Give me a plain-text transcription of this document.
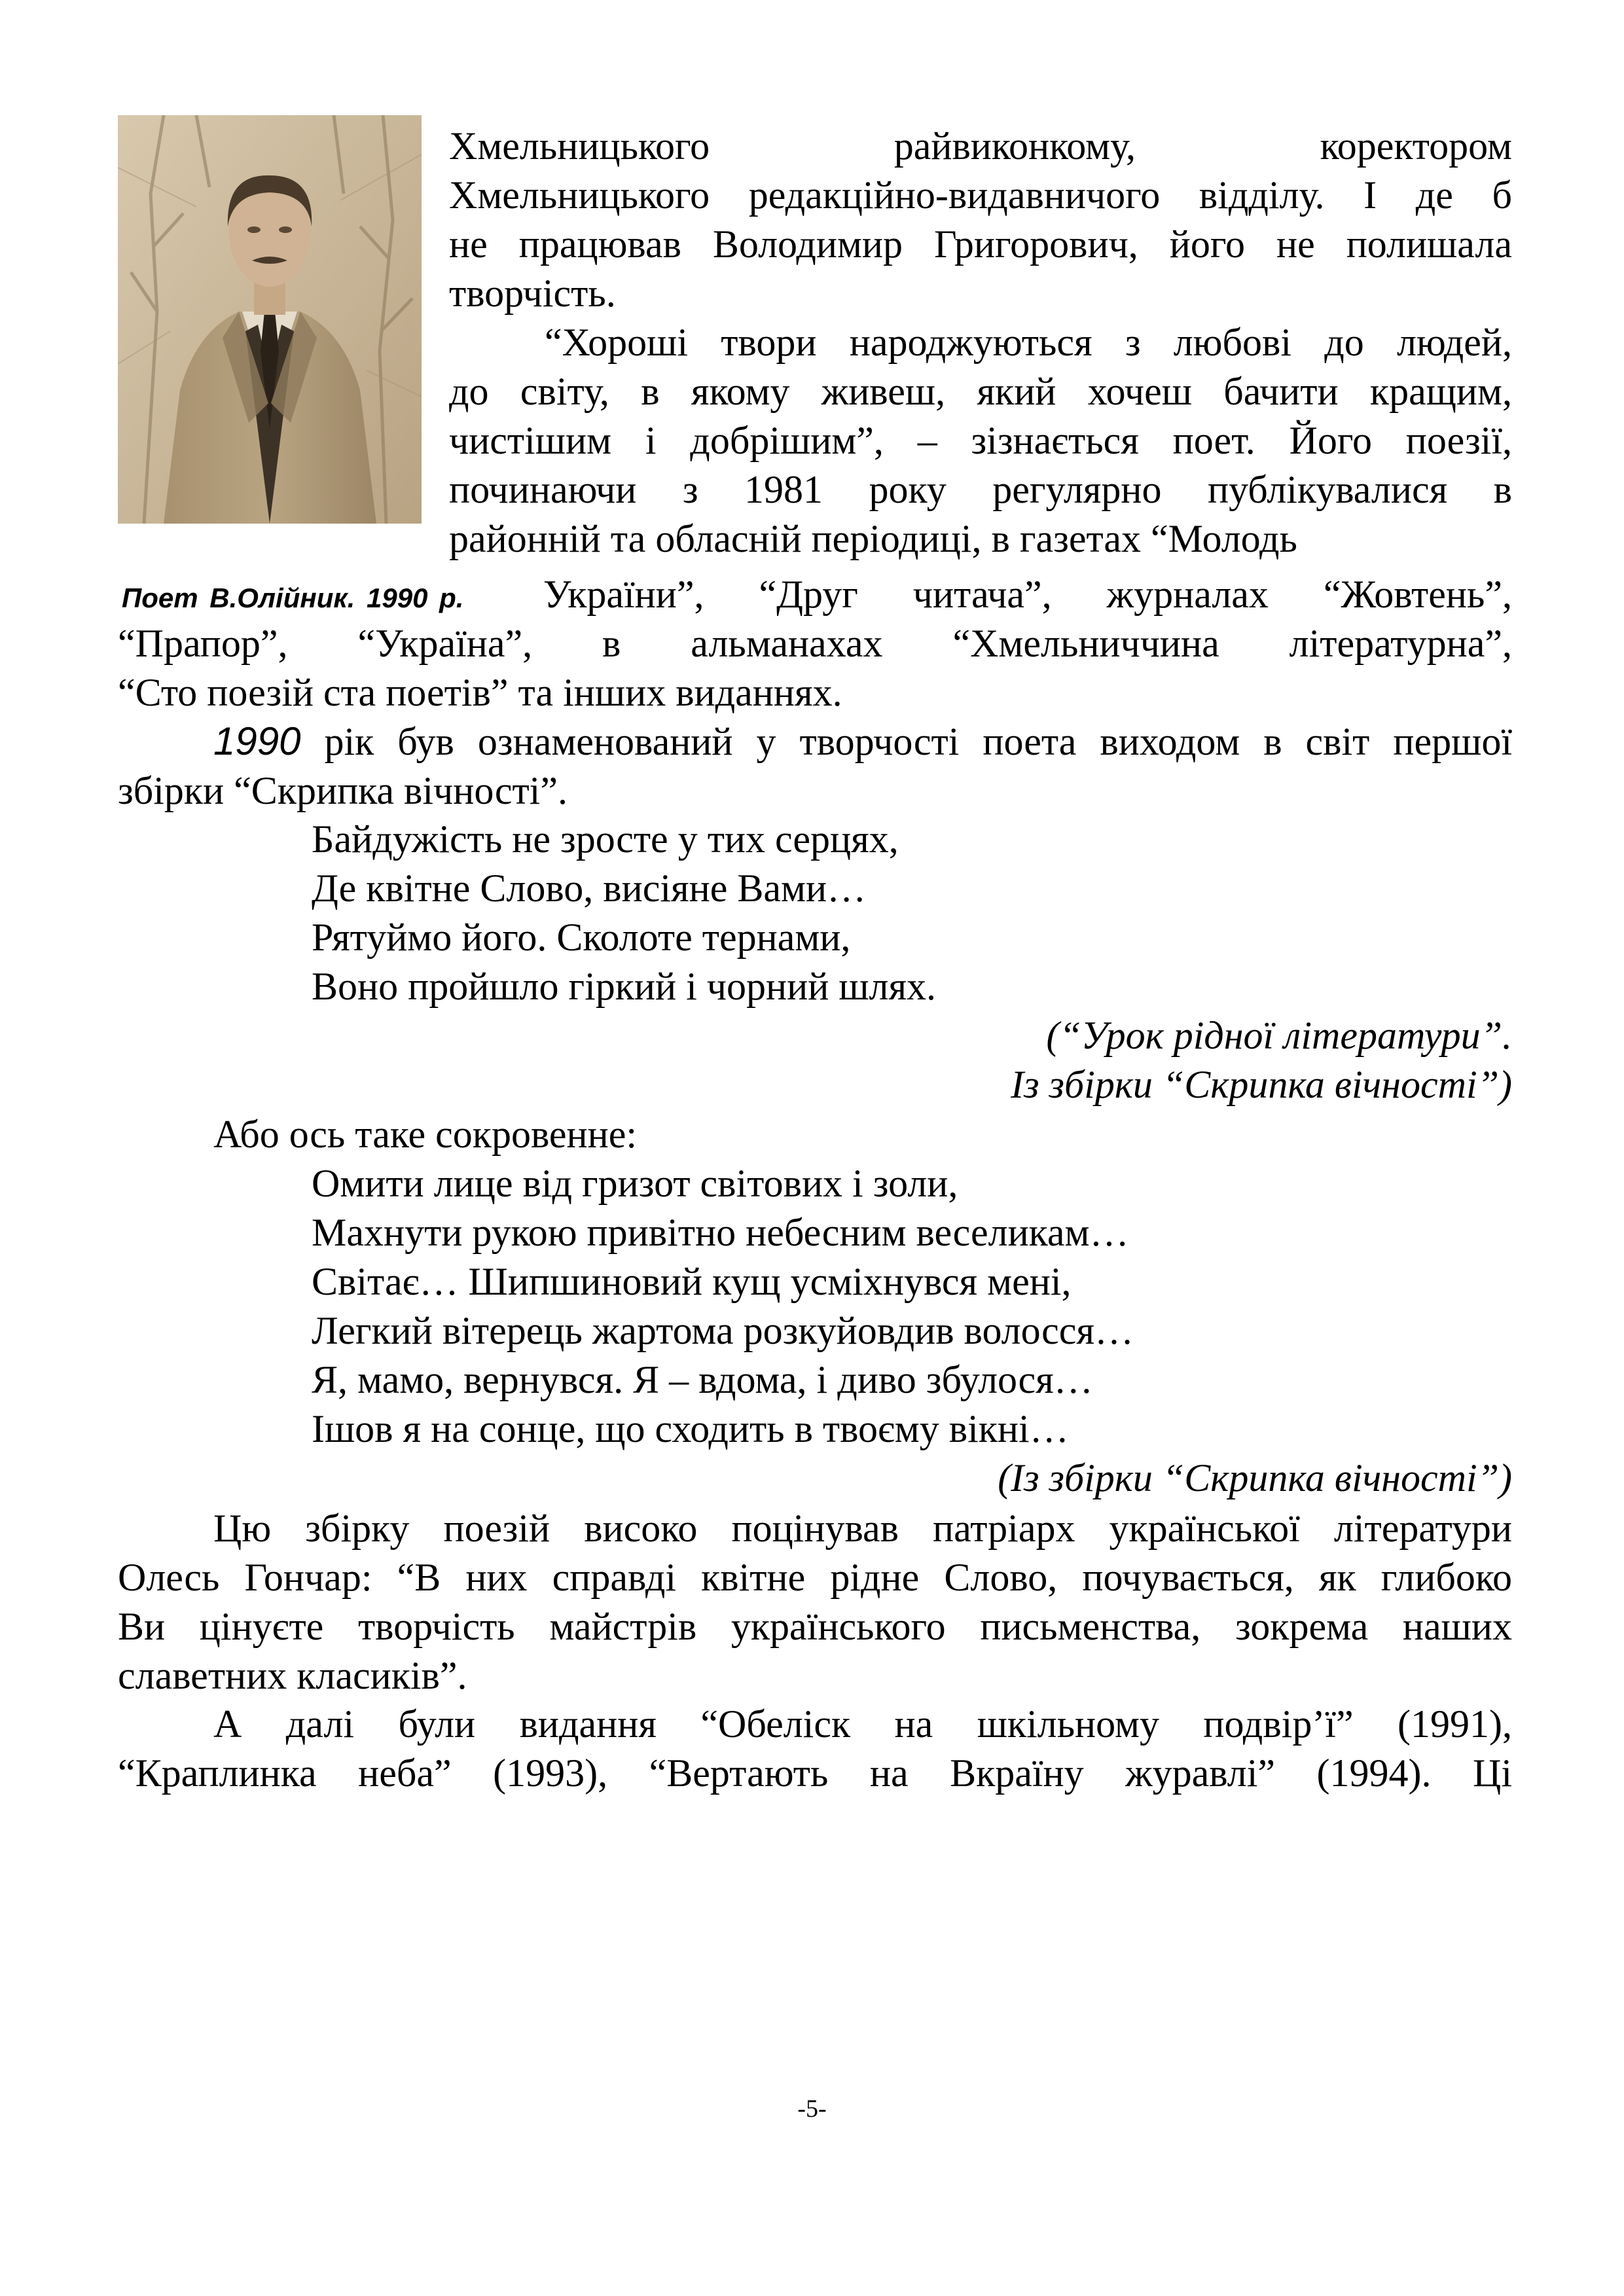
Поет В.Олійник. 1990 р.
Хмельницького райвиконкому, коректором
Хмельницького редакційно-видавничого відділу. І де б
не працював Володимир Григорович, його не полишала
творчість.
“Хороші твори народжуються з любові до людей,
до світу, в якому живеш, який хочеш бачити кращим,
чистішим і добрішим”, – зізнається поет. Його поезії,
починаючи з 1981 року регулярно публікувалися в
районній та обласній періодиці, в газетах “Молодь
України”, “Друг читача”, журналах “Жовтень”,
“Прапор”, “Україна”, в альманахах “Хмельниччина літературна”,
“Сто поезій ста поетів” та інших виданнях.
1990 рік був ознаменований у творчості поета виходом в світ першої
збірки “Скрипка вічності”.
Байдужість не зросте у тих серцях,
Де квітне Слово, висіяне Вами…
Рятуймо його. Сколоте тернами,
Воно пройшло гіркий і чорний шлях.
(“Урок рідної літератури”.
Із збірки “Скрипка вічності”)
Або ось таке сокровенне:
Омити лице від гризот світових і золи,
Махнути рукою привітно небесним веселикам…
Світає… Шипшиновий кущ усміхнувся мені,
Легкий вітерець жартома розкуйовдив волосся…
Я, мамо, вернувся. Я – вдома, і диво збулося…
Ішов я на сонце, що сходить в твоєму вікні…
(Із збірки “Скрипка вічності”)
Цю збірку поезій високо поцінував патріарх української літератури
Олесь Гончар: “В них справді квітне рідне Слово, почувається, як глибоко
Ви цінуєте творчість майстрів українського письменства, зокрема наших
славетних класиків”.
А далі були видання “Обеліск на шкільному подвір’ї” (1991),
“Краплинка неба” (1993), “Вертають на Вкраїну журавлі” (1994). Ці
-5-
